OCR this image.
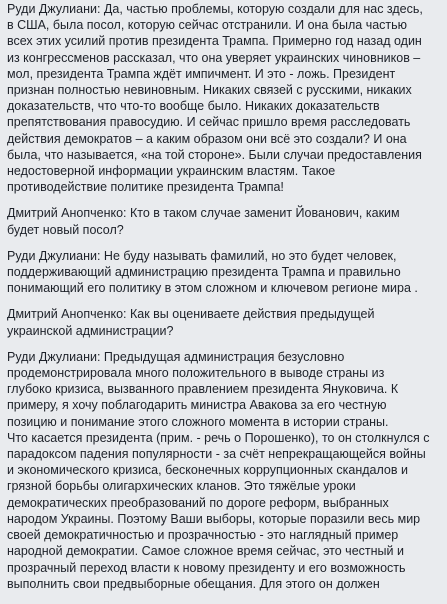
Руди Джулиани: Да, частью проблемы, которую создали для нас здесь,
в США, была посол, которую сейчас отстранили. И она была частью
всех этих усилий против президента Трампа. Примерно год назад один
из конгрессменов рассказал, что она уверяет украинских чиновников –
мол, президента Трампа ждёт импичмент. И это - ложь. Президент
признан полностью невиновным. Никаких связей с русскими, никаких
доказательств, что что-то вообще было. Никаких доказательств
препятствования правосудию. И сейчас пришло время расследовать
действия демократов – а каким образом они всё это создали? И она
была, что называется, «на той стороне». Были случаи предоставления
недостоверной информации украинским властям. Такое
противодействие политике президента Трампа!

Дмитрий Анопченко: Кто в таком случае заменит Йованович, каким
будет новый посол?

Руди Джулиани: Не буду называть фамилий, но это будет человек,
поддерживающий администрацию президента Трампа и правильно
понимающий его политику в этом сложном и ключевом регионе мира .

Дмитрий Анопченко: Как вы оцениваете действия предыдущей
украинской администрации?

Руди Джулиани: Предыдущая администрация безусловно
продемонстрировала много положительного в выводе страны из
глубоко кризиса, вызванного правлением президента Януковича. К
примеру, я хочу поблагодарить министра Авакова за его честную
позицию и понимание этого сложного момента в истории страны.
Что касается президента (прим. - речь о Порошенко), то он столкнулся с
парадоксом падения популярности - за счёт непрекращающейся войны
и экономического кризиса, бесконечных коррупционных скандалов и
грязной борьбы олигархических кланов. Это тяжёлые уроки
демократических преобразований по дороге реформ, выбранных
народом Украины. Поэтому Ваши выборы, которые поразили весь мир
своей демократичностью и прозрачностью - это наглядный пример
народной демократии. Самое сложное время сейчас, это честный и
прозрачный переход власти к новому президенту и его возможность
выполнить свои предвыборные обещания. Для этого он должен
